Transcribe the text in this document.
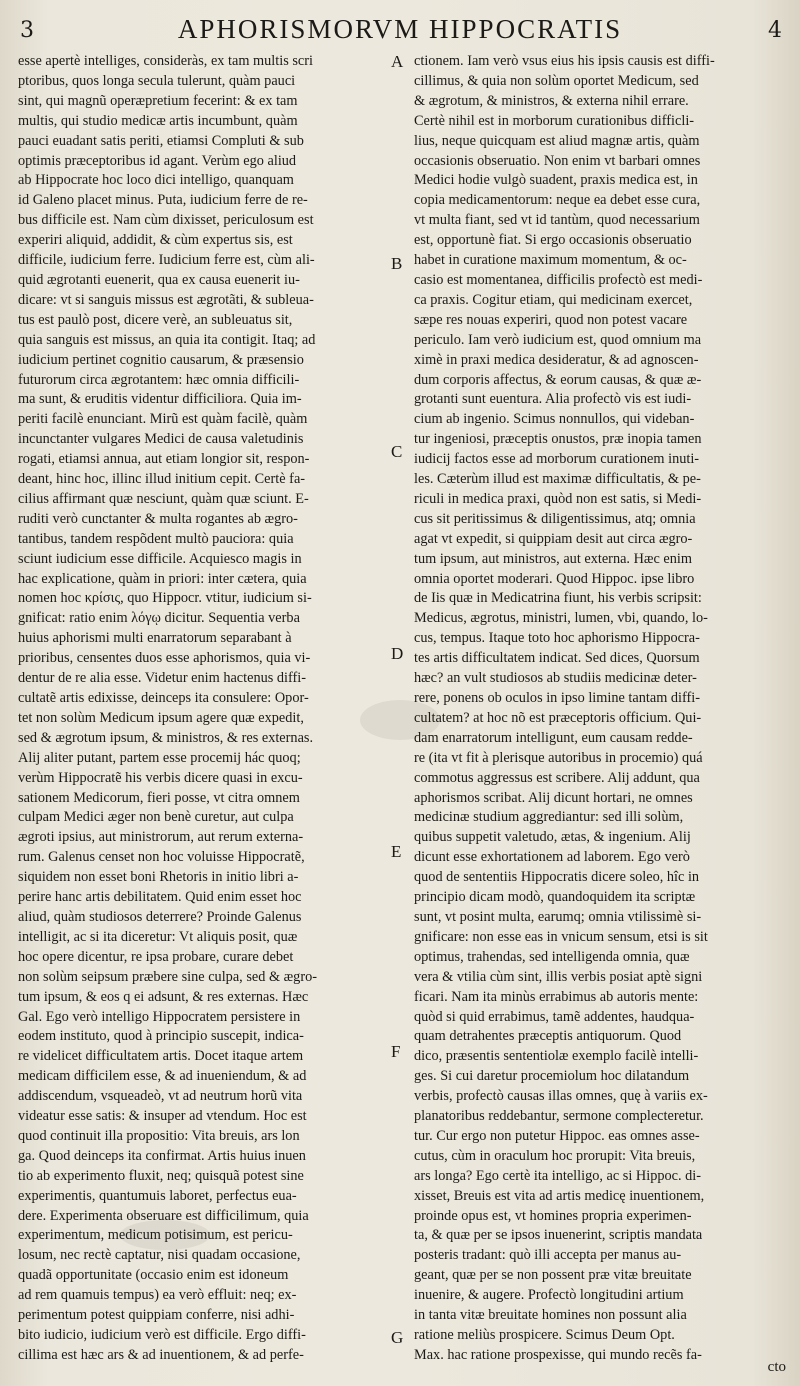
3	APHORISMORVM HIPPOCRATIS	4
esse apertè intelliges, consideràs, ex tam multis scri
ptoribus, quos longa secula tulerunt, quàm pauci
sint, qui magnũ operæpretium fecerint: & ex tam
multis, qui studio medicæ artis incumbunt, quàm
pauci euadant satis periti, etiamsi Compluti & sub
optimis præceptoribus id agant. Verùm ego aliud
ab Hippocrate hoc loco dici intelligo, quanquam
id Galeno placet minus. Puta, iudicium ferre de re-
bus difficile est. Nam cùm dixisset, periculosum est
experiri aliquid, addidit, & cùm expertus sis, est
difficile, iudicium ferre. Iudicium ferre est, cùm ali-
quid ægrotanti euenerit, qua ex causa euenerit iu-
dicare: vt si sanguis missus est ægrotãti, & subleua-
tus est paulò post, dicere verè, an subleuatus sit,
quia sanguis est missus, an quia ita contigit. Itaq; ad
iudicium pertinet cognitio causarum, & præsensio
futurorum circa ægrotantem: hæc omnia difficili-
ma sunt, & eruditis videntur difficiliora. Quia im-
periti facilè enunciant. Mirũ est quàm facilè, quàm
incunctanter vulgares Medici de causa valetudinis
rogati, etiamsi annua, aut etiam longior sit, respon-
deant, hinc hoc, illinc illud initium cepit. Certè fa-
cilius affirmant quæ nesciunt, quàm quæ sciunt. E-
ruditi verò cunctanter & multa rogantes ab ægro-
tantibus, tandem respõdent multò pauciora: quia
sciunt iudicium esse difficile. Acquiesco magis in
hac explicatione, quàm in priori: inter cætera, quia
nomen hoc κρίσις, quo Hippocr. vtitur, iudicium si-
gnificat: ratio enim λόγῳ dicitur. Sequentia verba
huius aphorismi multi enarratorum separabant à
prioribus, censentes duos esse aphorismos, quia vi-
dentur de re alia esse. Videtur enim hactenus diffi-
cultatẽ artis edixisse, deinceps ita consulere: Opor-
tet non solùm Medicum ipsum agere quæ expedit,
sed & ægrotum ipsum, & ministros, & res externas.
Alij aliter putant, partem esse procemij hác quoq;
verùm Hippocratẽ his verbis dicere quasi in excu-
sationem Medicorum, fieri posse, vt citra omnem
culpam Medici æger non benè curetur, aut culpa
ægroti ipsius, aut ministrorum, aut rerum externa-
rum. Galenus censet non hoc voluisse Hippocratẽ,
siquidem non esset boni Rhetoris in initio libri a-
perire hanc artis debilitatem. Quid enim esset hoc
aliud, quàm studiosos deterrere? Proinde Galenus
intelligit, ac si ita diceretur: Vt aliquis posit, quæ
hoc opere dicentur, re ipsa probare, curare debet
non solùm seipsum præbere sine culpa, sed & ægro-
tum ipsum, & eos q ei adsunt, & res externas. Hæc
Gal. Ego verò intelligo Hippocratem persistere in
eodem instituto, quod à principio suscepit, indica-
re videlicet difficultatem artis. Docet itaque artem
medicam difficilem esse, & ad inueniendum, & ad
addiscendum, vsqueadeò, vt ad neutrum horũ vita
videatur esse satis: & insuper ad vtendum. Hoc est
quod continuit illa propositio: Vita breuis, ars lon
ga. Quod deinceps ita confirmat. Artis huius inuen
tio ab experimento fluxit, neq; quisquã potest sine
experimentis, quantumuis laboret, perfectus eua-
dere. Experimenta obseruare est difficilimum, quia
experimentum, medicum potisimum, est pericu-
losum, nec rectè captatur, nisi quadam occasione,
quadã opportunitate (occasio enim est idoneum
ad rem quamuis tempus) ea verò effluit: neq; ex-
perimentum potest quippiam conferre, nisi adhi-
bito iudicio, iudicium verò est difficile. Ergo diffi-
cillima est hæc ars & ad inuentionem, & ad perfe-
A
B
C
D
E
F
G
ctionem. Iam verò vsus eius his ipsis causis est diffi-
cillimus, & quia non solùm oportet Medicum, sed
& ægrotum, & ministros, & externa nihil errare.
Certè nihil est in morborum curationibus difficli-
lius, neque quicquam est aliud magnæ artis, quàm
occasionis obseruatio. Non enim vt barbari omnes
Medici hodie vulgò suadent, praxis medica est, in
copia medicamentorum: neque ea debet esse cura,
vt multa fiant, sed vt id tantùm, quod necessarium
est, opportunè fiat. Si ergo occasionis obseruatio
habet in curatione maximum momentum, & oc-
casio est momentanea, difficilis profectò est medi-
ca praxis. Cogitur etiam, qui medicinam exercet,
sæpe res nouas experiri, quod non potest vacare
periculo. Iam verò iudicium est, quod omnium ma
ximè in praxi medica desideratur, & ad agnoscen-
dum corporis affectus, & eorum causas, & quæ æ-
grotanti sunt euentura. Alia profectò vis est iudi-
cium ab ingenio. Scimus nonnullos, qui videban-
tur ingeniosi, præceptis onustos, præ inopia tamen
iudicij factos esse ad morborum curationem inuti-
les. Cæterùm illud est maximæ difficultatis, & pe-
riculi in medica praxi, quòd non est satis, si Medi-
cus sit peritissimus & diligentissimus, atq; omnia
agat vt expedit, si quippiam desit aut circa ægro-
tum ipsum, aut ministros, aut externa. Hæc enim
omnia oportet moderari. Quod Hippoc. ipse libro
de Iis quæ in Medicatrina fiunt, his verbis scripsit:
Medicus, ægrotus, ministri, lumen, vbi, quando, lo-
cus, tempus. Itaque toto hoc aphorismo Hippocra-
tes artis difficultatem indicat. Sed dices, Quorsum
hæc? an vult studiosos ab studiis medicinæ deter-
rere, ponens ob oculos in ipso limine tantam diffi-
cultatem? at hoc nõ est præceptoris officium. Qui-
dam enarratorum intelligunt, eum causam redde-
re (ita vt fit à plerisque autoribus in procemio) quá
commotus aggressus est scribere. Alij addunt, qua
aphorismos scribat. Alij dicunt hortari, ne omnes
medicinæ studium aggrediantur: sed illi solùm,
quibus suppetit valetudo, ætas, & ingenium. Alij
dicunt esse exhortationem ad laborem. Ego verò
quod de sententiis Hippocratis dicere soleo, hîc in
principio dicam modò, quandoquidem ita scriptæ
sunt, vt posint multa, earumq; omnia vtilissimè si-
gnificare: non esse eas in vnicum sensum, etsi is sit
optimus, trahendas, sed intelligenda omnia, quæ
vera & vtilia cùm sint, illis verbis posiat aptè signi
ficari. Nam ita minùs errabimus ab autoris mente:
quòd si quid errabimus, tamẽ addentes, haudqua-
quam detrahentes præceptis antiquorum. Quod
dico, præsentis sententiolæ exemplo facilè intelli-
ges. Si cui daretur procemiolum hoc dilatandum
verbis, profectò causas illas omnes, quę à variis ex-
planatoribus reddebantur, sermone complecteretur.
tur. Cur ergo non putetur Hippoc. eas omnes asse-
cutus, cùm in oraculum hoc prorupit: Vita breuis,
ars longa? Ego certè ita intelligo, ac si Hippoc. di-
xisset, Breuis est vita ad artis medicę inuentionem,
proinde opus est, vt homines propria experimen-
ta, & quæ per se ipsos inuenerint, scriptis mandata
posteris tradant: quò illi accepta per manus au-
geant, quæ per se non possent præ vitæ breuitate
inuenire, & augere. Profectò longitudini artium
in tanta vitæ breuitate homines non possunt alia
ratione meliùs prospicere. Scimus Deum Opt.
Max. hac ratione prospexisse, qui mundo recẽs fa-
cto
